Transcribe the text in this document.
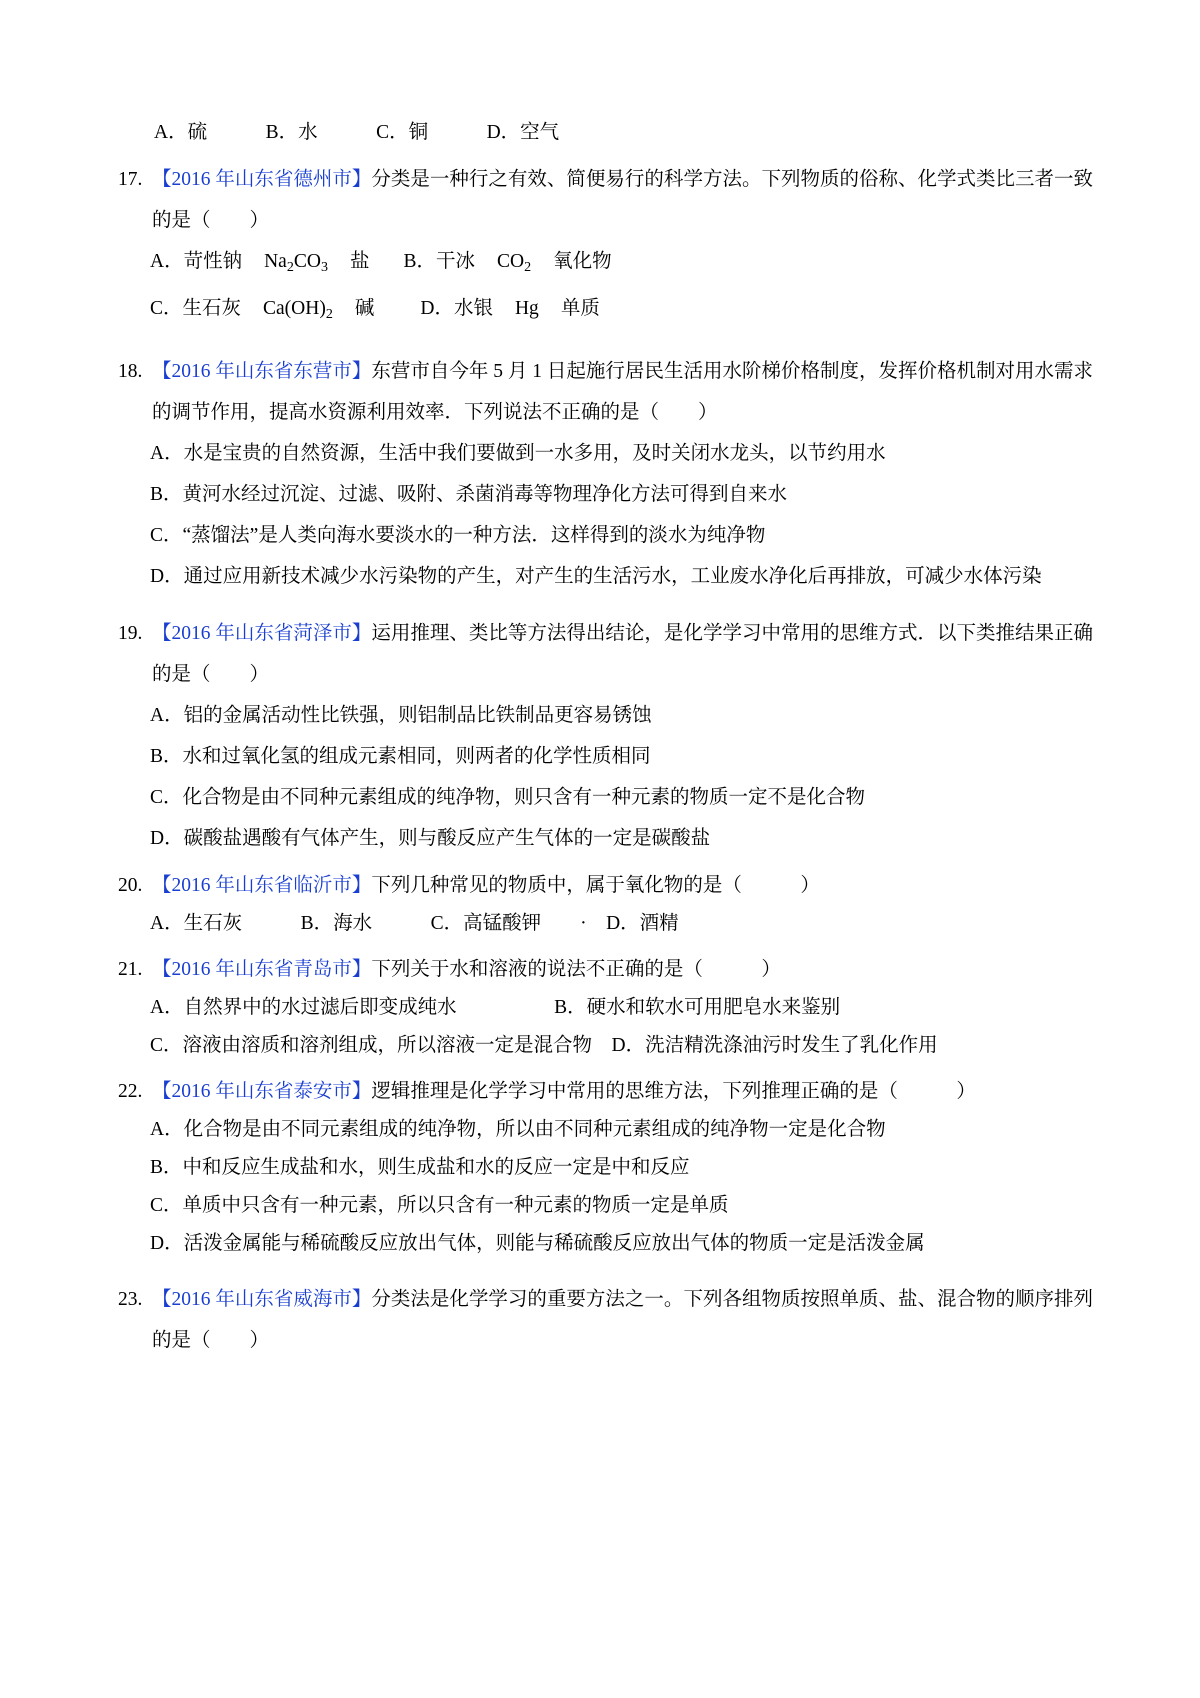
A．硫　　　B．水　　　C．铜　　　D．空气
17. 【2016 年山东省德州市】分类是一种行之有效、简便易行的科学方法。下列物质的俗称、化学式类比三者一致的是（　　）
A．苛性钠 $Na_2CO_3$ 盐 B．干冰 $CO_2$ 氧化物
C．生石灰 $Ca(OH)_2$ 碱 D．水银 Hg 单质
18. 【2016 年山东省东营市】东营市自今年 5 月 1 日起施行居民生活用水阶梯价格制度，发挥价格机制对用水需求的调节作用，提高水资源利用效率．下列说法不正确的是（　　）
A．水是宝贵的自然资源，生活中我们要做到一水多用，及时关闭水龙头，以节约用水
B．黄河水经过沉淀、过滤、吸附、杀菌消毒等物理净化方法可得到自来水
C．“蒸馏法”是人类向海水要淡水的一种方法．这样得到的淡水为纯净物
D．通过应用新技术减少水污染物的产生，对产生的生活污水，工业废水净化后再排放，可减少水体污染
19. 【2016 年山东省菏泽市】运用推理、类比等方法得出结论，是化学学习中常用的思维方式．以下类推结果正确的是（　　）
A．铝的金属活动性比铁强，则铝制品比铁制品更容易锈蚀
B．水和过氧化氢的组成元素相同，则两者的化学性质相同
C．化合物是由不同种元素组成的纯净物，则只含有一种元素的物质一定不是化合物
D．碳酸盐遇酸有气体产生，则与酸反应产生气体的一定是碳酸盐
20. 【2016 年山东省临沂市】下列几种常见的物质中，属于氧化物的是（　　　）
A．生石灰　　　B．海水　　　C．高锰酸钾　　·　D．酒精
21. 【2016 年山东省青岛市】下列关于水和溶液的说法不正确的是（　　　）
A．自然界中的水过滤后即变成纯水　　　　　B．硬水和软水可用肥皂水来鉴别
C．溶液由溶质和溶剂组成，所以溶液一定是混合物　D．洗洁精洗涤油污时发生了乳化作用
22. 【2016 年山东省泰安市】逻辑推理是化学学习中常用的思维方法，下列推理正确的是（　　　）
A．化合物是由不同元素组成的纯净物，所以由不同种元素组成的纯净物一定是化合物
B．中和反应生成盐和水，则生成盐和水的反应一定是中和反应
C．单质中只含有一种元素，所以只含有一种元素的物质一定是单质
D．活泼金属能与稀硫酸反应放出气体，则能与稀硫酸反应放出气体的物质一定是活泼金属
23. 【2016 年山东省威海市】分类法是化学学习的重要方法之一。下列各组物质按照单质、盐、混合物的顺序排列的是（　　）
